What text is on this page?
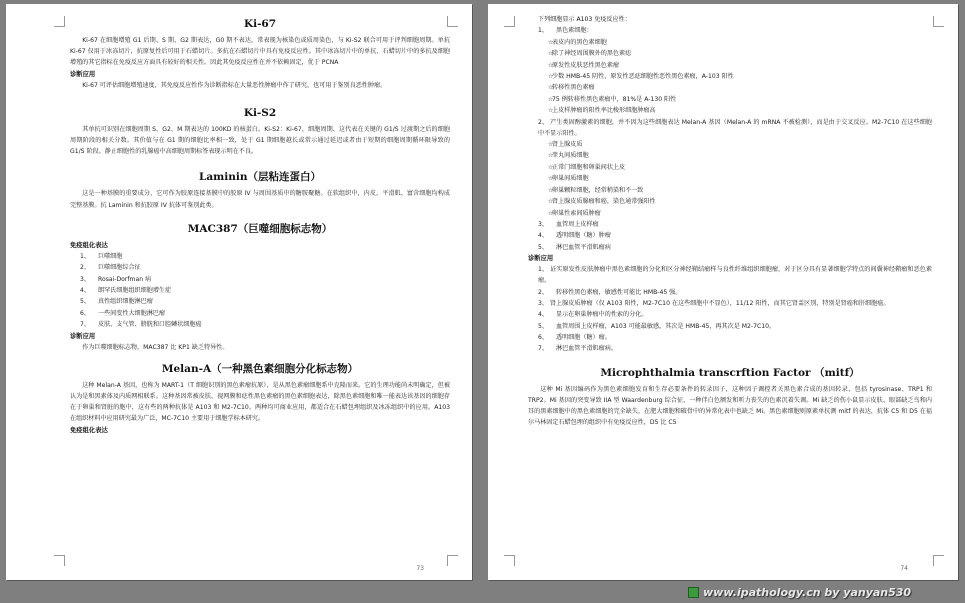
Ki-67

Ki-67 在细胞增殖 G1 后期、S 期、G2 期表达，G0 期不表达，常表现为核染色或质周染色，与 Ki-S2 联合可用于评判细胞周期。单抗 Ki-67 仅用于冰冻切片，抗原复性后可用于石蜡切片。多抗在石蜡切片中具有免疫反应性。其中冰冻切片中的单抗、石蜡切片中的多抗及细胞增殖的其它指标在免疫反应方面具有较好的相关性。因此其免疫反应性在并不依赖固定，优于 PCNA

诊断应用

Ki-67 可评估细胞增殖速度，其免疫反应性作为诊断指标在大量恶性肿瘤中作了研究，也可用于鉴别良恶性肿瘤。

Ki-S2

其单抗可识别在细胞周期 S、G2、M 期表达的 100KD 的核蛋白。Ki-S2：Ki-67，细胞周期、这代表在关键的 G1/S 过渡期之后的细胞周期阶段的相关分数。其价值与在 G1 期的细胞比率相一致，处于 G1 期细胞越长或常示通过延迟或者由于短期的细胞周期循环限导致的 G1/S 阶段。静止细胞性的乳腺癌中高细胞周期标签表现示明在不良。

Laminin（层粘连蛋白）

这是一种基膜的重要成分，它可作为胶原连接基膜中的胶原 IV 与周围基质中的糖胺聚糖。在软组织中，内皮、平滑肌、富含细胞均构成完整基膜。抗 Laminin 和抗胶原 IV 抗体可鉴别此类。

MAC387（巨噬细胞标志物）
免疫组化表达
1、 巨噬细胞
2、 巨噬细胞综合征
3、 Rosai-Dorfman 病
4、 朗罕氏细胞组织细胞增生症
5、 真性组织细胞淋巴瘤
6、 一些间变性大细胞淋巴瘤
7、 皮肤、支气管、膀胱和口腔鳞状细胞癌
诊断应用

作为巨噬细胞标志物，MAC387 比 KP1 缺乏特异性。

Melan-A（一种黑色素细胞分化标志物）

这种 Melan-A 基因，也称为 MART-1（T 细胞识别的黑色素瘤抗原），是从黑色素瘤细胞系中克隆而来。它的生理功能尚未明确定，但被认为是和黑素体及内质网相联系。这种基因常被皮肤、视网膜和痣性黑色素瘤的黑色素细胞表达，除黑色素细胞和唯一能表达该基因的细胞存在于卵巢和肾脏的胞中，这有些的两种抗体是 A103 和 M2-7C10。两种均可商业应用，都适合在石蜡包埋组织及冰冻组织中的应用。A103 在组织材料中应用研究最为广泛，MC-7C10 主要用于细胞学标本研究。

免疫组化表达
73
下列细胞显示 A103 免疫反应性：
1、 黑色素细胞：
☆表皮内的黑色素细胞
☆除了神经周围膜外的黑色素痣
☆原发性皮肤恶性黑色素瘤
☆少数 HMB-45 阴性，原发性恶痣细胞性恶性黑色素瘤，A-103 阳性
☆转移性黑色素瘤
☆75 例转移性黑色素瘤中，81%是 A-130 阳性
☆上皮样肿瘤的阳性率比梭形细胞肿瘤高

2、 产生类固醇激素的细胞，并不因为这些细胞表达 Melan-A 基因（Melan-A 的 mRNA 不被检测），而是由于交叉反应。M2-7C10 在这些细胞中不显示阳性。

☆肾上腺皮质
☆睾丸间质细胞
☆正常门细胞和卵巢间状上皮
☆卵巢间质细胞
☆卵巢颗粒细胞，经常稍染和不一致
☆肾上腺皮质腺瘤和癌，染色通常强阳性
☆卵巢性索间质肿瘤
3、 血管周上皮样瘤
4、 透明细胞（糖）肿瘤
5、 淋巴血管平滑肌瘤病
诊断应用

1、 证实原发性皮肤肿瘤中黑色素细胞的分化和区分神经鞘结瘤样与良性纤维组织细胞瘤，对于区分具有显著细胞学特点的间囊神经鞘瘤和恶色素瘤。

2、 转移性黑色素瘤，敏感性可能比 HMB-45 强。

3、 肾上腺皮质肿瘤（仅 A103 阳性，M2-7C10 在这些细胞中不显色），11/12 阳性，而其它肾盂区别，特别是肾癌和肝细胞癌。

4、 显示在卵巢肿瘤中的性索的分化。
5、 血管周围上皮样瘤，A103 可能最敏感，其次是 HMB-45，再其次是 M2-7C10。
6、 透明细胞（糖）瘤。
7、 淋巴血管平滑肌瘤病。
Microphthalmia transcrftion Factor （mitf）

这种 Mi 基因编码作为黑色素细胞发育和生存必要条件的转录因子，这种因子调控者关黑色素合成的基因转录，包括 tyrosinase、TRP1 和 TRP2。Mi 基因的突变导致 IIA 型 Waardenburg 综合征，一种伴白色额发和听力丧失的色素沉着失调。Mi 缺乏的伤小鼠显示皮肤、眼部缺乏鸟和内耳的黑素细胞中的黑色素细胞的完全缺失，在肥大细胞和破骨中的异常化表中也缺乏 Mi。黑色素细胞则原素单抗测 mitf 的表达，抗体 C5 和 D5 在福尔马林固定石蜡包埋的组织中有免疫反应性，D5 比 C5

74
www.ipathology.cn by yanyan530
